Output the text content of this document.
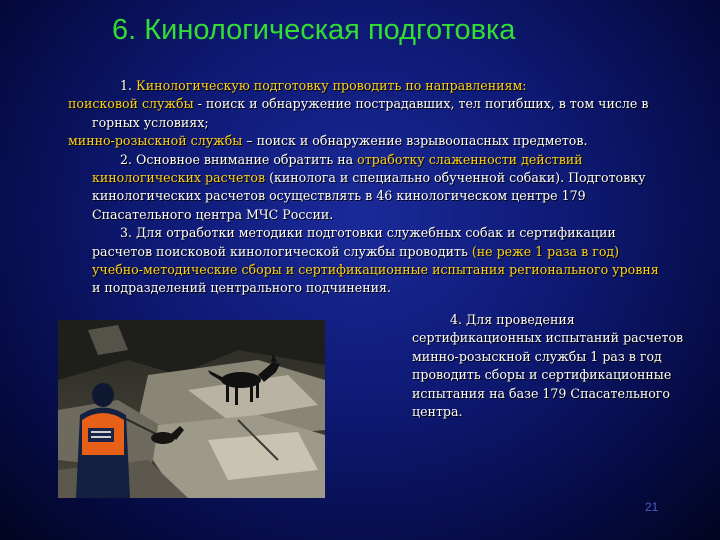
6. Кинологическая подготовка
1. Кинологическую подготовку проводить по направлениям:
поисковой службы - поиск и обнаружение пострадавших, тел погибших, в том числе в
горных условиях;
минно-розыскной службы – поиск и обнаружение взрывоопасных предметов.
2. Основное внимание обратить на отработку слаженности действий
кинологических расчетов (кинолога и специально обученной собаки). Подготовку
кинологических расчетов осуществлять в 46 кинологическом центре 179
Спасательного центра МЧС России.
3. Для отработки методики подготовки служебных собак и сертификации
расчетов поисковой кинологической службы проводить (не реже 1 раза в год)
учебно-методические сборы и сертификационные испытания регионального уровня
и подразделений центрального подчинения.
4. Для проведения
сертификационных испытаний расчетов
минно-розыскной службы 1 раз в год
проводить сборы и сертификационные
испытания на базе 179 Спасательного
центра.
21
